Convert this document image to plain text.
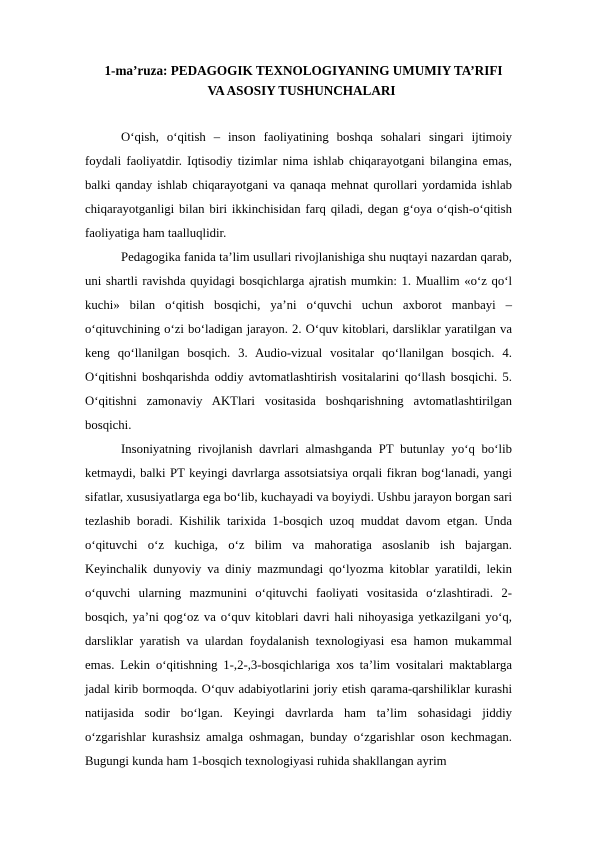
1-ma’ruza: PEDAGOGIK TEXNOLOGIYANING UMUMIY TA’RIFI
VA ASOSIY TUSHUNCHALARI

O‘qish, o‘qitish – inson faoliyatining boshqa sohalari singari ijtimoiy foydali faoliyatdir. Iqtisodiy tizimlar nima ishlab chiqarayotgani bilangina emas, balki qanday ishlab chiqarayotgani va qanaqa mehnat qurollari yordamida ishlab chiqarayotganligi bilan biri ikkinchisidan farq qiladi, degan g‘oya o‘qish-o‘qitish faoliyatiga ham taalluqlidir.

Pedagogika fanida ta’lim usullari rivojlanishiga shu nuqtayi nazardan qarab, uni shartli ravishda quyidagi bosqichlarga ajratish mumkin: 1. Muallim «o‘z qo‘l kuchi» bilan o‘qitish bosqichi, ya’ni o‘quvchi uchun axborot manbayi – o‘qituvchining o‘zi bo‘ladigan jarayon. 2. O‘quv kitoblari, darsliklar yaratilgan va keng qo‘llanilgan bosqich. 3. Audio-vizual vositalar qo‘llanilgan bosqich. 4. O‘qitishni boshqarishda oddiy avtomatlashtirish vositalarini qo‘llash bosqichi. 5. O‘qitishni zamonaviy AKTlari vositasida boshqarishning avtomatlashtirilgan bosqichi.

Insoniyatning rivojlanish davrlari almashganda PT butunlay yo‘q bo‘lib ketmaydi, balki PT keyingi davrlarga assotsiatsiya orqali fikran bog‘lanadi, yangi sifatlar, xususiyatlarga ega bo‘lib, kuchayadi va boyiydi. Ushbu jarayon borgan sari tezlashib boradi. Kishilik tarixida 1-bosqich uzoq muddat davom etgan. Unda o‘qituvchi o‘z kuchiga, o‘z bilim va mahoratiga asoslanib ish bajargan. Keyinchalik dunyoviy va diniy mazmundagi qo‘lyozma kitoblar yaratildi, lekin o‘quvchi ularning mazmunini o‘qituvchi faoliyati vositasida o‘zlashtiradi. 2-bosqich, ya’ni qog‘oz va o‘quv kitoblari davri hali nihoyasiga yetkazilgani yo‘q, darsliklar yaratish va ulardan foydalanish texnologiyasi esa hamon mukammal emas. Lekin o‘qitishning 1-,2-,3-bosqichlariga xos ta’lim vositalari maktablarga jadal kirib bormoqda. O‘quv adabiyotlarini joriy etish qarama-qarshiliklar kurashi natijasida sodir bo‘lgan. Keyingi davrlarda ham ta’lim sohasidagi jiddiy o‘zgarishlar kurashsiz amalga oshmagan, bunday o‘zgarishlar oson kechmagan. Bugungi kunda ham 1-bosqich texnologiyasi ruhida shakllangan ayrim
